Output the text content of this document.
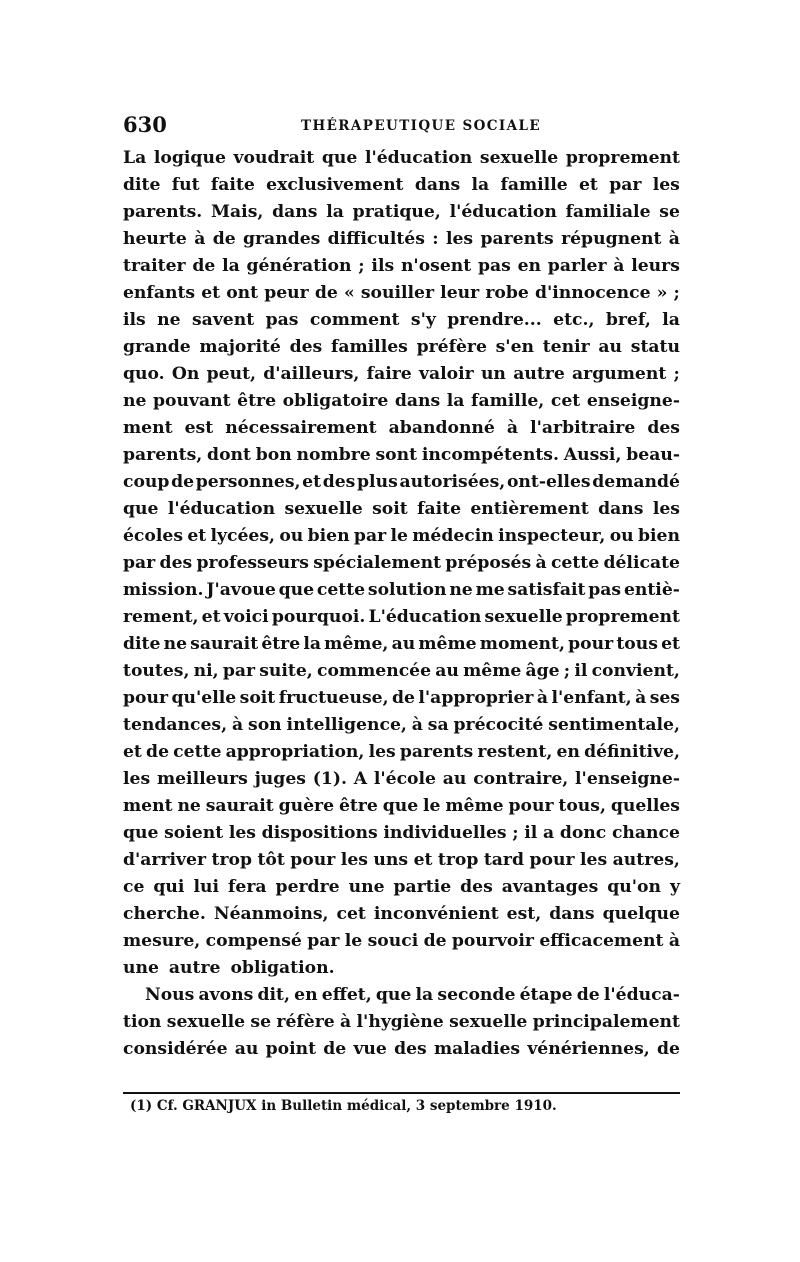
630	THÉRAPEUTIQUE SOCIALE
La logique voudrait que l'éducation sexuelle proprement
dite fut faite exclusivement dans la famille et par les
parents. Mais, dans la pratique, l'éducation familiale se
heurte à de grandes difficultés : les parents répugnent à
traiter de la génération ; ils n'osent pas en parler à leurs
enfants et ont peur de « souiller leur robe d'innocence » ;
ils ne savent pas comment s'y prendre... etc., bref, la
grande majorité des familles préfère s'en tenir au statu
quo. On peut, d'ailleurs, faire valoir un autre argument ;
ne pouvant être obligatoire dans la famille, cet enseigne-
ment est nécessairement abandonné à l'arbitraire des
parents, dont bon nombre sont incompétents. Aussi, beau-
coup de personnes, et des plus autorisées, ont-elles demandé
que l'éducation sexuelle soit faite entièrement dans les
écoles et lycées, ou bien par le médecin inspecteur, ou bien
par des professeurs spécialement préposés à cette délicate
mission. J'avoue que cette solution ne me satisfait pas entiè-
rement, et voici pourquoi. L'éducation sexuelle proprement
dite ne saurait être la même, au même moment, pour tous et
toutes, ni, par suite, commencée au même âge ; il convient,
pour qu'elle soit fructueuse, de l'approprier à l'enfant, à ses
tendances, à son intelligence, à sa précocité sentimentale,
et de cette appropriation, les parents restent, en définitive,
les meilleurs juges (1). A l'école au contraire, l'enseigne-
ment ne saurait guère être que le même pour tous, quelles
que soient les dispositions individuelles ; il a donc chance
d'arriver trop tôt pour les uns et trop tard pour les autres,
ce qui lui fera perdre une partie des avantages qu'on y
cherche. Néanmoins, cet inconvénient est, dans quelque
mesure, compensé par le souci de pourvoir efficacement à
une autre obligation.
Nous avons dit, en effet, que la seconde étape de l'éduca-
tion sexuelle se réfère à l'hygiène sexuelle principalement
considérée au point de vue des maladies vénériennes, de
(1) Cf. GRANJUX in Bulletin médical, 3 septembre 1910.
